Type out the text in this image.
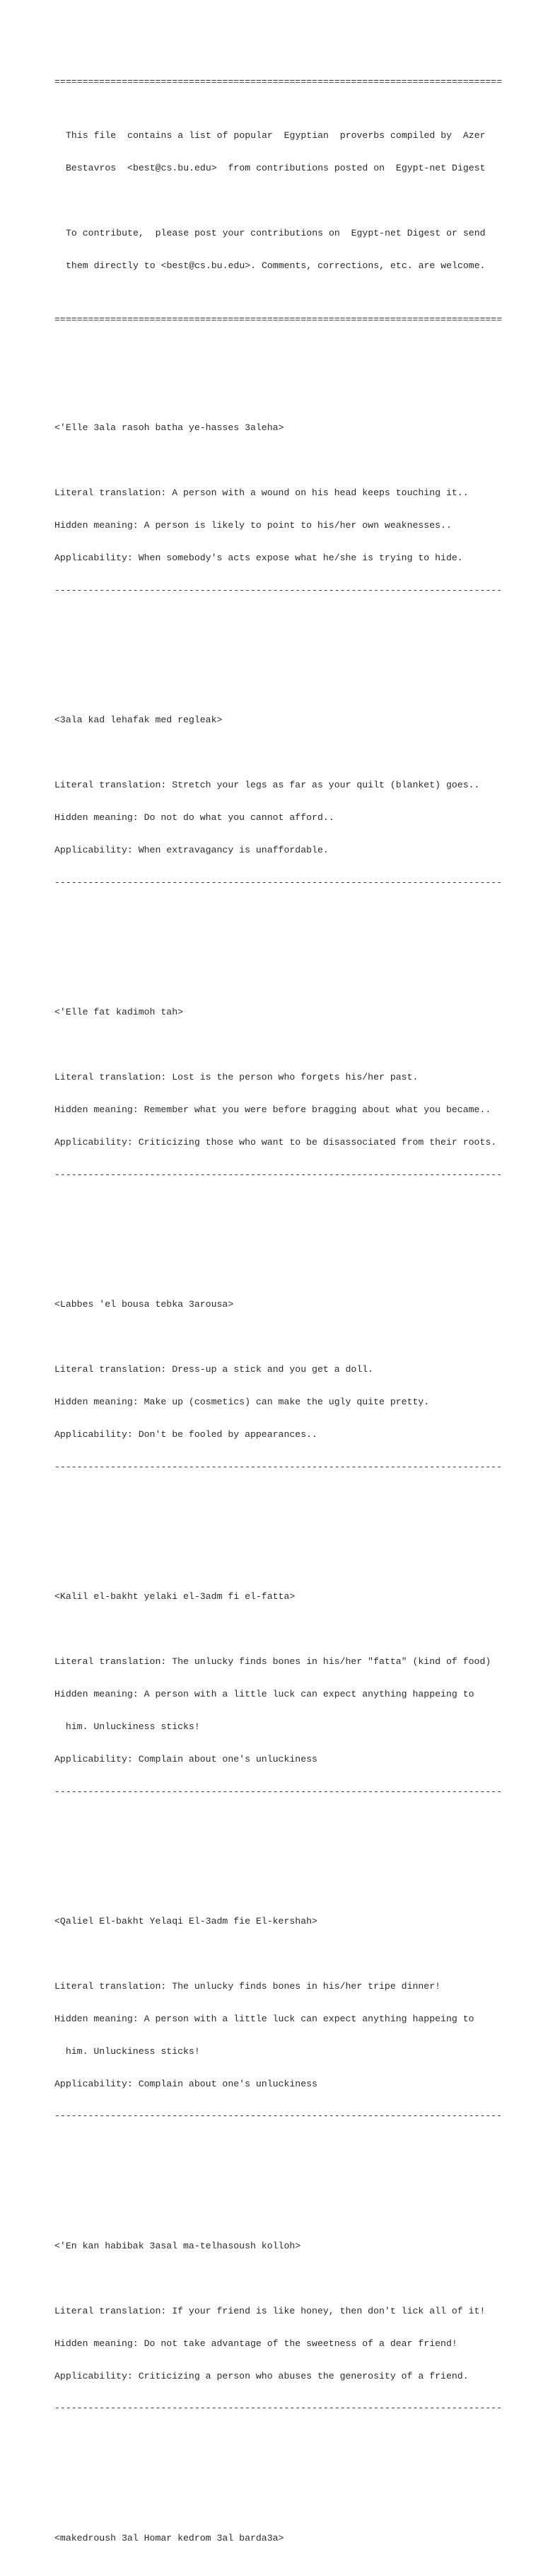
================================================================================

This file  contains a list of popular  Egyptian  proverbs compiled by  Azer

Bestavros  <best@cs.bu.edu>  from contributions posted on  Egypt-net Digest

To contribute,  please post your contributions on  Egypt-net Digest or send

them directly to <best@cs.bu.edu>. Comments, corrections, etc. are welcome.

================================================================================

<'Elle 3ala rasoh batha ye-hasses 3aleha>

Literal translation: A person with a wound on his head keeps touching it..

Hidden meaning: A person is likely to point to his/her own weaknesses..

Applicability: When somebody's acts expose what he/she is trying to hide.

--------------------------------------------------------------------------------

<3ala kad lehafak med regleak>

Literal translation: Stretch your legs as far as your quilt (blanket) goes..

Hidden meaning: Do not do what you cannot afford..

Applicability: When extravagancy is unaffordable.

--------------------------------------------------------------------------------

<'Elle fat kadimoh tah>

Literal translation: Lost is the person who forgets his/her past.

Hidden meaning: Remember what you were before bragging about what you became..

Applicability: Criticizing those who want to be disassociated from their roots.

--------------------------------------------------------------------------------

<Labbes 'el bousa tebka 3arousa>

Literal translation: Dress-up a stick and you get a doll.

Hidden meaning: Make up (cosmetics) can make the ugly quite pretty.

Applicability: Don't be fooled by appearances..

--------------------------------------------------------------------------------

<Kalil el-bakht yelaki el-3adm fi el-fatta>

Literal translation: The unlucky finds bones in his/her "fatta" (kind of food)

Hidden meaning: A person with a little luck can expect anything happeing to

him. Unluckiness sticks!

Applicability: Complain about one's unluckiness

--------------------------------------------------------------------------------

<Qaliel El-bakht Yelaqi El-3adm fie El-kershah>

Literal translation: The unlucky finds bones in his/her tripe dinner!

Hidden meaning: A person with a little luck can expect anything happeing to

him. Unluckiness sticks!

Applicability: Complain about one's unluckiness

--------------------------------------------------------------------------------

<'En kan habibak 3asal ma-telhasoush kolloh>

Literal translation: If your friend is like honey, then don't lick all of it!

Hidden meaning: Do not take advantage of the sweetness of a dear friend!

Applicability: Criticizing a person who abuses the generosity of a friend.

--------------------------------------------------------------------------------

<makedroush 3al Homar kedrom 3al barda3a>
